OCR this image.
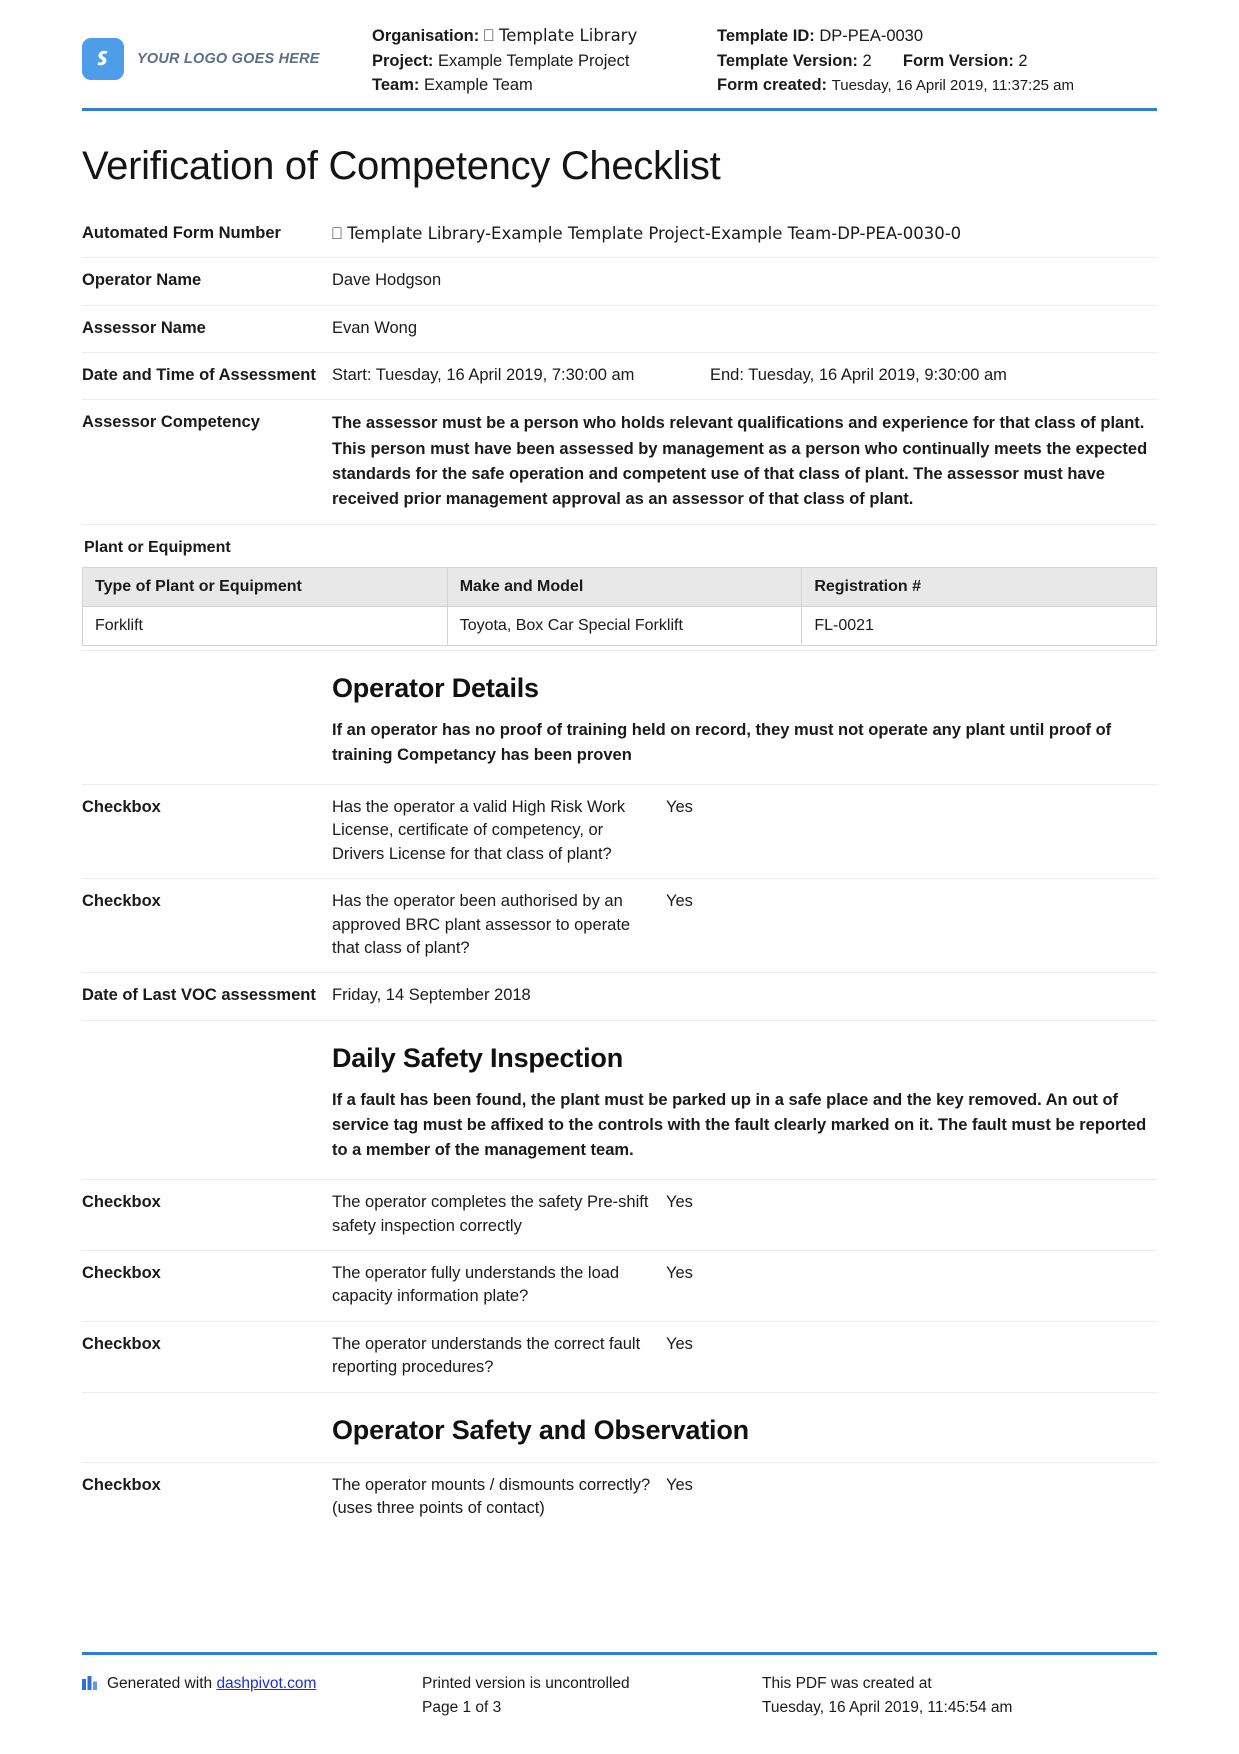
YOUR LOGO GOES HERE
Organisation: ⎕ Template Library
Project: Example Template Project
Team: Example Team
Template ID: DP-PEA-0030
Template Version: 2 Form Version: 2
Form created: Tuesday, 16 April 2019, 11:37:25 am
Verification of Competency Checklist
Automated Form Number	⎕ Template Library-Example Template Project-Example Team-DP-PEA-0030-0
Operator Name	Dave Hodgson
Assessor Name	Evan Wong
Date and Time of Assessment Start: Tuesday, 16 April 2019, 7:30:00 am	End: Tuesday, 16 April 2019, 9:30:00 am
Assessor Competency	The assessor must be a person who holds relevant qualifications and experience for that class of plant. This person must have been assessed by management as a person who continually meets the expected standards for the safe operation and competent use of that class of plant. The assessor must have received prior management approval as an assessor of that class of plant.
Plant or Equipment
Type of Plant or Equipment	Make and Model	Registration #
Forklift	Toyota, Box Car Special Forklift	FL-0021
Operator Details
If an operator has no proof of training held on record, they must not operate any plant until proof of training Competancy has been proven
Checkbox	Has the operator a valid High Risk Work License, certificate of competency, or Drivers License for that class of plant?
Yes
Checkbox	Has the operator been authorised by an approved BRC plant assessor to operate that class of plant?
Yes
Date of Last VOC assessment Friday, 14 September 2018
Daily Safety Inspection
If a fault has been found, the plant must be parked up in a safe place and the key removed. An out of service tag must be affixed to the controls with the fault clearly marked on it. The fault must be reported to a member of the management team.
Checkbox	The operator completes the safety Pre-shift safety inspection correctly
Yes
Checkbox	The operator fully understands the load capacity information plate?
Yes
Checkbox	The operator understands the correct fault reporting procedures?
Yes
Operator Safety and Observation
Checkbox	The operator mounts / dismounts correctly? (uses three points of contact)
Yes
Generated with dashpivot.com	Printed version is uncontrolled
Page 1 of 3
This PDF was created at
Tuesday, 16 April 2019, 11:45:54 am
